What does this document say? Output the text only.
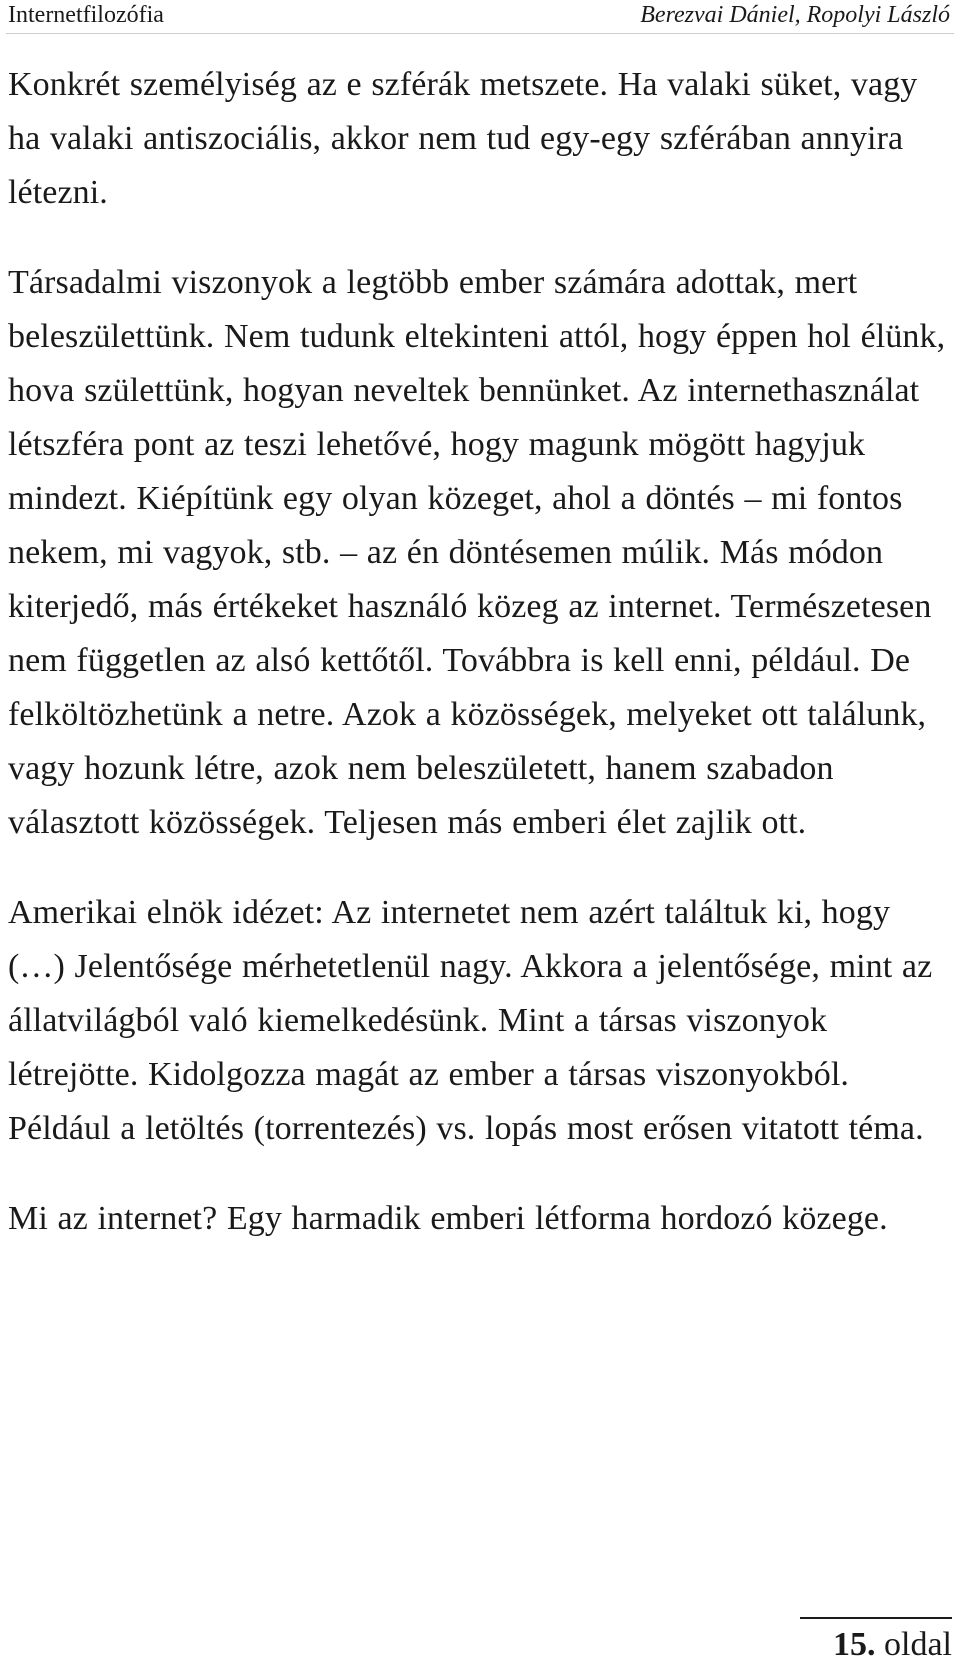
Internetfilozófia	Berezvai Dániel, Ropolyi László

Konkrét személyiség az e szférák metszete. Ha valaki süket, vagy ha valaki antiszociális, akkor nem tud egy-egy szférában annyira létezni.

Társadalmi viszonyok a legtöbb ember számára adottak, mert beleszülettünk. Nem tudunk eltekinteni attól, hogy éppen hol élünk, hova születtünk, hogyan neveltek bennünket. Az internethasználat létszféra pont az teszi lehetővé, hogy magunk mögött hagyjuk mindezt. Kiépítünk egy olyan közeget, ahol a döntés – mi fontos nekem, mi vagyok, stb. – az én döntésemen múlik. Más módon kiterjedő, más értékeket használó közeg az internet. Természetesen nem független az alsó kettőtől. Továbbra is kell enni, például. De felköltözhetünk a netre. Azok a közösségek, melyeket ott találunk, vagy hozunk létre, azok nem beleszületett, hanem szabadon választott közösségek. Teljesen más emberi élet zajlik ott.

Amerikai elnök idézet: Az internetet nem azért találtuk ki, hogy (…) Jelentősége mérhetetlenül nagy. Akkora a jelentősége, mint az állatvilágból való kiemelkedésünk. Mint a társas viszonyok létrejötte. Kidolgozza magát az ember a társas viszonyokból. Például a letöltés (torrentezés) vs. lopás most erősen vitatott téma.

Mi az internet? Egy harmadik emberi létforma hordozó közege.

15. oldal
